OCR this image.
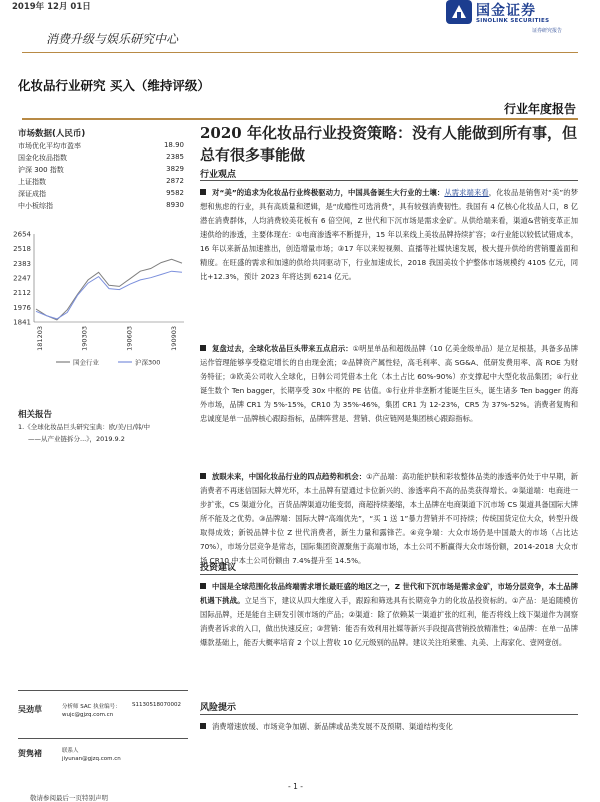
2019年 12月 01日
消费升级与娱乐研究中心
化妆品行业研究 买入（维持评级）
行业年度报告
国金证券
SINOLINK SECURITIES
证券研究报告
市场数据(人民币)
市场优化平均市盈率	18.90
国金化妆品指数	2385
沪深 300 指数	3829
上证指数	2872
深证成指	9582
中小板综指	8930
2654
2518
2383
2247
2112
1976
1841
181203	190303	190603	190903
国金行业	沪深300
相关报告
1.《全球化妆品巨头研究宝典：欧/美/日/韩/中
——从产业链拆分...》，2019.9.2
吴劲草	分析师 SAC 执业编号： S1130518070002
wujc@gjzq.com.cn
贺隽褚	联系人
jiyunan@gjzq.com.cn
2020 年化妆品行业投资策略：没有人能做到所有事，但总有很多事能做
行业观点
对“美”的追求为化妆品行业终极驱动力，中国具备诞生大行业的土壤：从需求端来看，化妆品是销售对“美”的梦想和焦虑的行业，具有高质量和逻辑，是“成瘾性可选消费”，具有较强消费韧性。我国有 4 亿核心化妆品人口，8 亿潜在消费群体，人均消费较美花板有 6 倍空间，Z 世代和下沉市场是需求金矿。从供给端来看，渠道&营销变革正加速供给的渗透，主要体现在：①电商渗透率不断提升，15 年以来线上美妆品牌持续扩容；②行业能以较低试错成本，16 年以来新品加速推出，创造增量市场；③17 年以来短视频、直播等社媒快速发展，极大提升供给的营销覆盖面和精度。在旺盛的需求和加速的供给共同驱动下，行业加速成长，2018 我国美妆个护整体市场规模约 4105 亿元，同比+12.3%，预计 2023 年将达到 6214 亿元。
复盘过去，全球化妆品巨头带来五点启示：①明星单品和超级品牌（10 亿美金级单品）是立足根基，具备多品牌运作管理能够享受稳定增长的自由现金流；②品牌资产属性轻，高毛利率、高 SG&A、低研发费用率、高 ROE 为财务特征；③欧美公司收入全球化，日韩公司凭借本土化（本土占比 60%-90%）亦支撑起中大型化妆品集团；④行业诞生数个 Ten bagger，长期享受 30x 中枢的 PE 估值。⑤行业并非垄断才能诞生巨头，诞生诸多 Ten bagger 的海外市场，品牌 CR1 为 5%-15%，CR10 为 35%-46%，集团 CR1 为 12-23%，CR5 为 37%-52%。消费者复购和忠诚度是单一品牌核心跟踪指标，品牌阵营是、营销、供应链网是集团核心跟踪指标。
放眼未来，中国化妆品行业的四点趋势和机会：①产品端：高功能护肤和彩妆整体品类的渗透率仍处于中早期，新消费者不再迷信国际大牌光环，本土品牌有望通过卡位新兴的、渗透率尚不高的品类获得增长。②渠道端：电商进一步扩张，CS 渠道分化，百货品牌渠道功能变弱，商超持续萎缩，本土品牌在电商渠道下沉市场 CS 渠道具备国际大牌所不能及之优势。③品牌端：国际大牌“高端优先”，“买 1 送 1”暴力营销并不可持续；传统国货定位大众，转型升级取得成效；新锐品牌卡位 Z 世代消费者，新生力量和露锋芒。④竞争端：大众市场仍是中国最大的市场（占比达 70%），市场分层竞争是常态，国际集团资源聚焦于高端市场，本土公司不断赢得大众市场份额，2014-2018 大众市场 CR10 中本土公司份额由 7.4%提升至 14.5%。
投资建议
中国是全球范围化妆品终端需求增长最旺盛的地区之一，Z 世代和下沉市场是需求金矿，市场分层竞争，本土品牌机遇下挑战。立足当下，建议从四大维度入手，跟踪和筛选具有长期竞争力的化妆品投资标的。①产品：是追随模仿国际品牌，还是能自主研发引领市场的产品；②渠道：除了依赖某一渠道扩张的红利，能否将线上线下渠道作为洞察消费者诉求的入口，做出快速反应；③营销：能否有效利用社媒等新兴手段提高营销投放精准性；④品牌：在单一品牌爆款基础上，能否大概率培育 2 个以上营收 10 亿元级别的品牌。建议关注珀莱雅、丸美、上海家化、壹网壹创。
风险提示
消费增速放缓、市场竞争加剧、新品牌或品类发展不及预期、渠道结构变化
- 1 -
敬请参阅最后一页特别声明
